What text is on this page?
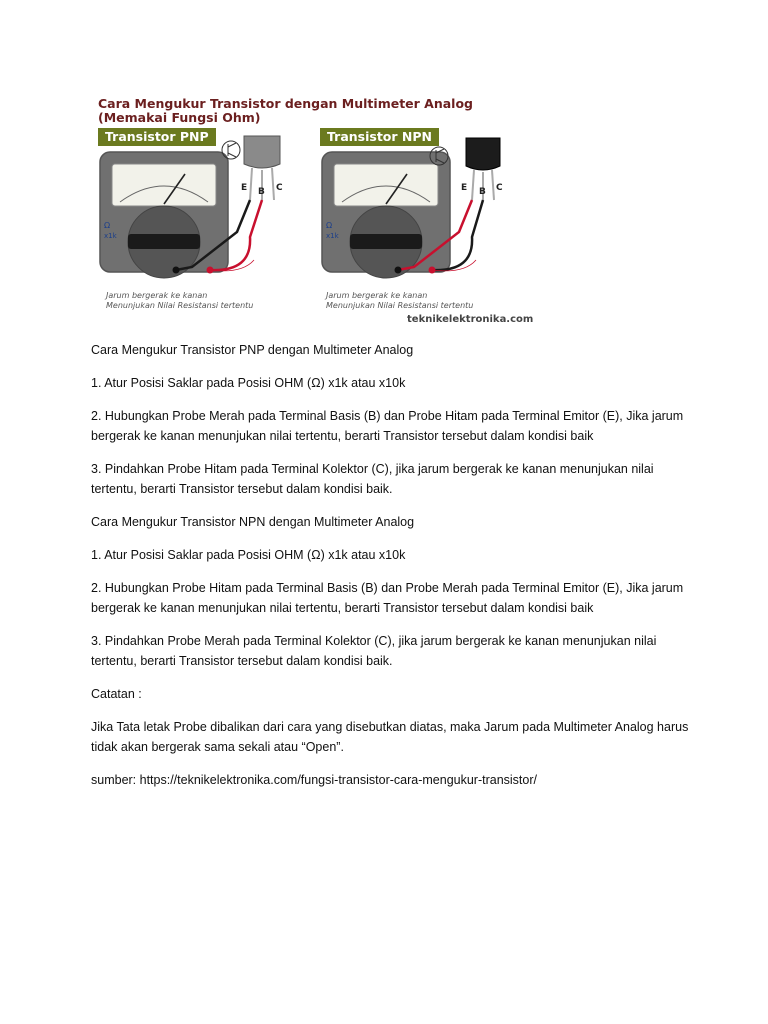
Cara Mengukur Transistor dengan Multimeter Analog
(Memakai Fungsi Ohm)
Transistor PNP	Transistor NPN
Ω
x1k
E B C
Ω
x1k
E B C
Jarum bergerak ke kanan
Menunjukan Nilai Resistansi tertentu
Jarum bergerak ke kanan
Menunjukan Nilai Resistansi tertentu
teknikelektronika.com

Cara Mengukur Transistor PNP dengan Multimeter Analog

1. Atur Posisi Saklar pada Posisi OHM (Ω) x1k atau x10k

2. Hubungkan Probe Merah pada Terminal Basis (B) dan Probe Hitam pada Terminal Emitor (E), Jika jarum bergerak ke kanan menunjukan nilai tertentu, berarti Transistor tersebut dalam kondisi baik

3. Pindahkan Probe Hitam pada Terminal Kolektor (C), jika jarum bergerak ke kanan menunjukan nilai tertentu, berarti Transistor tersebut dalam kondisi baik.

Cara Mengukur Transistor NPN dengan Multimeter Analog

1. Atur Posisi Saklar pada Posisi OHM (Ω) x1k atau x10k

2. Hubungkan Probe Hitam pada Terminal Basis (B) dan Probe Merah pada Terminal Emitor (E), Jika jarum bergerak ke kanan menunjukan nilai tertentu, berarti Transistor tersebut dalam kondisi baik

3. Pindahkan Probe Merah pada Terminal Kolektor (C), jika jarum bergerak ke kanan menunjukan nilai tertentu, berarti Transistor tersebut dalam kondisi baik.

Catatan :

Jika Tata letak Probe dibalikan dari cara yang disebutkan diatas, maka Jarum pada Multimeter Analog harus tidak akan bergerak sama sekali atau “Open”.

sumber: https://teknikelektronika.com/fungsi-transistor-cara-mengukur-transistor/
